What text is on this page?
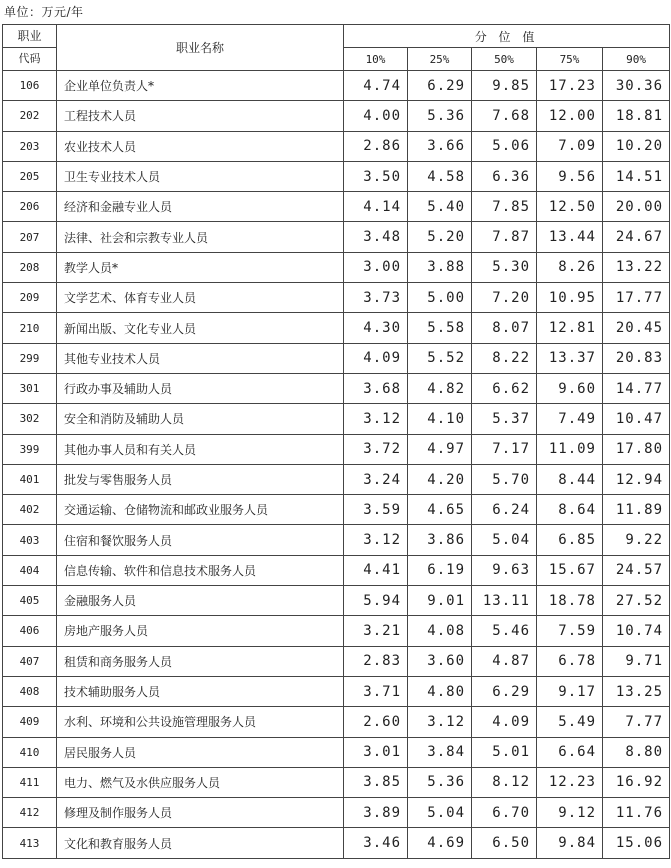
单位：万元/年
职业	职业名称	分 位 值				
代码		10%	25%	50%	75%	90%
106	企业单位负责人*	4.74	6.29	9.85	17.23	30.36
202	工程技术人员	4.00	5.36	7.68	12.00	18.81
203	农业技术人员	2.86	3.66	5.06	7.09	10.20
205	卫生专业技术人员	3.50	4.58	6.36	9.56	14.51
206	经济和金融专业人员	4.14	5.40	7.85	12.50	20.00
207	法律、社会和宗教专业人员	3.48	5.20	7.87	13.44	24.67
208	教学人员*	3.00	3.88	5.30	8.26	13.22
209	文学艺术、体育专业人员	3.73	5.00	7.20	10.95	17.77
210	新闻出版、文化专业人员	4.30	5.58	8.07	12.81	20.45
299	其他专业技术人员	4.09	5.52	8.22	13.37	20.83
301	行政办事及辅助人员	3.68	4.82	6.62	9.60	14.77
302	安全和消防及辅助人员	3.12	4.10	5.37	7.49	10.47
399	其他办事人员和有关人员	3.72	4.97	7.17	11.09	17.80
401	批发与零售服务人员	3.24	4.20	5.70	8.44	12.94
402	交通运输、仓储物流和邮政业服务人员	3.59	4.65	6.24	8.64	11.89
403	住宿和餐饮服务人员	3.12	3.86	5.04	6.85	9.22
404	信息传输、软件和信息技术服务人员	4.41	6.19	9.63	15.67	24.57
405	金融服务人员	5.94	9.01	13.11	18.78	27.52
406	房地产服务人员	3.21	4.08	5.46	7.59	10.74
407	租赁和商务服务人员	2.83	3.60	4.87	6.78	9.71
408	技术辅助服务人员	3.71	4.80	6.29	9.17	13.25
409	水利、环境和公共设施管理服务人员	2.60	3.12	4.09	5.49	7.77
410	居民服务人员	3.01	3.84	5.01	6.64	8.80
411	电力、燃气及水供应服务人员	3.85	5.36	8.12	12.23	16.92
412	修理及制作服务人员	3.89	5.04	6.70	9.12	11.76
413	文化和教育服务人员	3.46	4.69	6.50	9.84	15.06
